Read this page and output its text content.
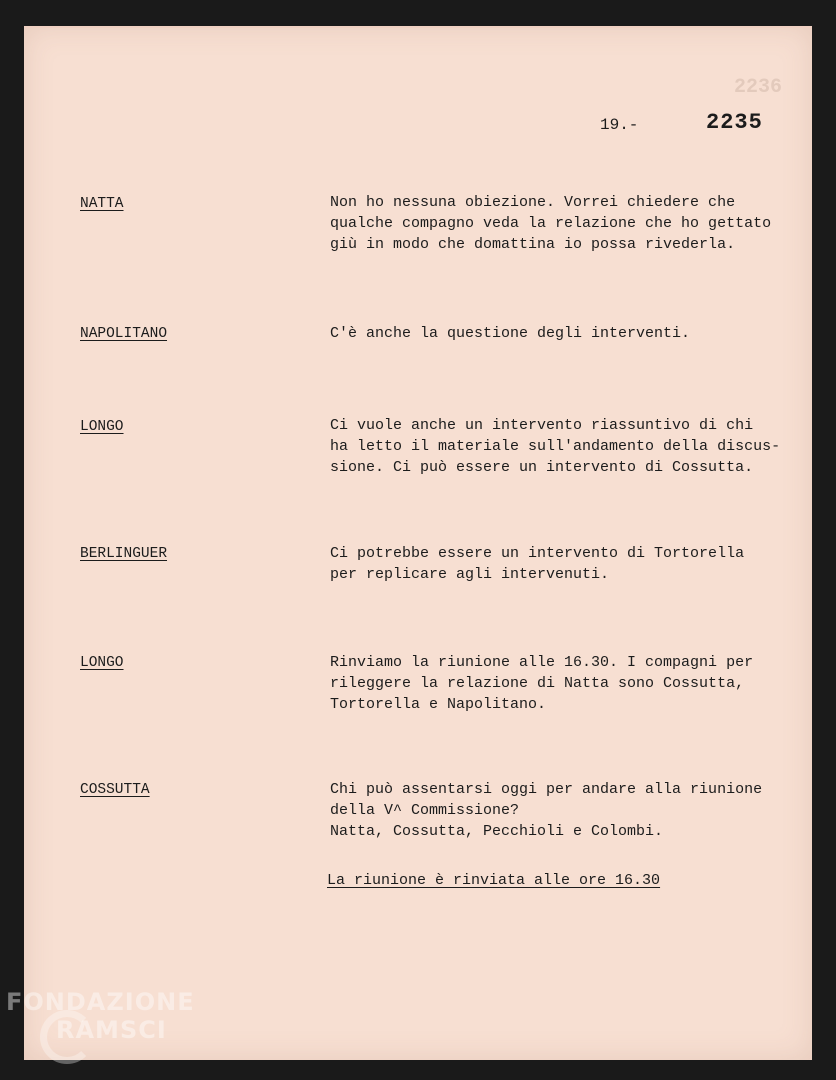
2236
19.-	2235
NATTA	Non ho nessuna obiezione. Vorrei chiedere che
qualche compagno veda la relazione che ho gettato
giù in modo che domattina io possa rivederla.

NAPOLITANO	C'è anche la questione degli interventi.

LONGO	Ci vuole anche un intervento riassuntivo di chi
ha letto il materiale sull'andamento della discus-
sione. Ci può essere un intervento di Cossutta.

BERLINGUER	Ci potrebbe essere un intervento di Tortorella
per replicare agli intervenuti.

LONGO	Rinviamo la riunione alle 16.30. I compagni per
rileggere la relazione di Natta sono Cossutta,
Tortorella e Napolitano.

COSSUTTA	Chi può assentarsi oggi per andare alla riunione
della V^ Commissione?
Natta, Cossutta, Pecchioli e Colombi.

La riunione è rinviata alle ore 16.30
FONDAZIONE
RAMSCI
